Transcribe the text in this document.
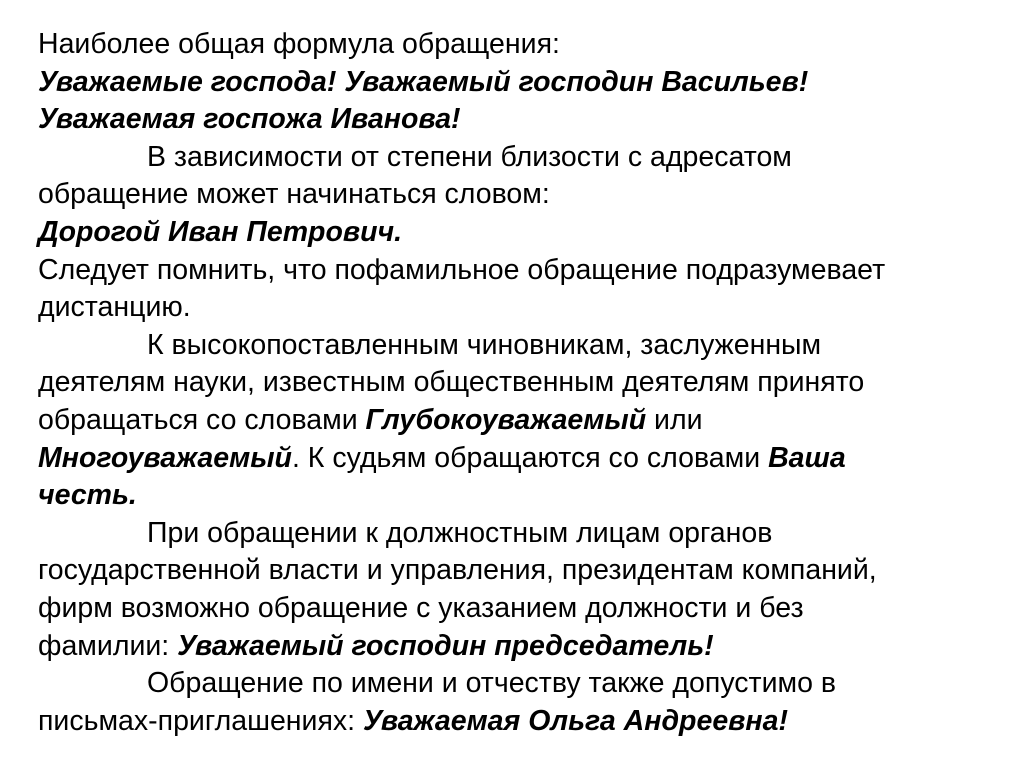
Наиболее общая формула обращения:
Уважаемые господа! Уважаемый господин Васильев!
Уважаемая госпожа Иванова!
В зависимости от степени близости с адресатом
обращение может начинаться словом:
Дорогой Иван Петрович.
Следует помнить, что пофамильное обращение подразумевает
дистанцию.
К высокопоставленным чиновникам, заслуженным
деятелям науки, известным общественным деятелям принято
обращаться со словами Глубокоуважаемый или
Многоуважаемый. К судьям обращаются со словами Ваша
честь.
При обращении к должностным лицам органов
государственной власти и управления, президентам компаний,
фирм возможно обращение с указанием должности и без
фамилии: Уважаемый господин председатель!
Обращение по имени и отчеству также допустимо в
письмах-приглашениях: Уважаемая Ольга Андреевна!
